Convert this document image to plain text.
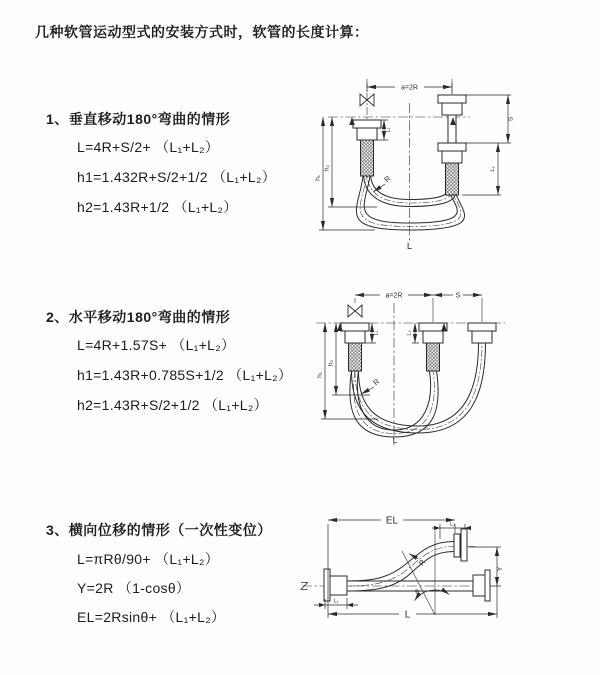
几种软管运动型式的安装方式时，软管的长度计算：
1、垂直移动180°弯曲的情形
L=4R+S/2+ （L₁+L₂）
h1=1.432R+S/2+1/2 （L₁+L₂）
h2=1.43R+1/2 （L₁+L₂）
2、水平移动180°弯曲的情形
L=4R+1.57S+ （L₁+L₂）
h1=1.43R+0.785S+1/2 （L₁+L₂）
h2=1.43R+S/2+1/2 （L₁+L₂）
3、横向位移的情形（一次性变位）
L=πRθ/90+ （L₁+L₂）
Y=2R （1-cosθ）
EL=2Rsinθ+ （L₁+L₂）
a=2R
h₁
h₂
L₁
S
L₂
R
L
a=2R	S
h₁
h₂
L₁	L₂
R
L
EL	L₂
Y
L
L₁
R
θ
